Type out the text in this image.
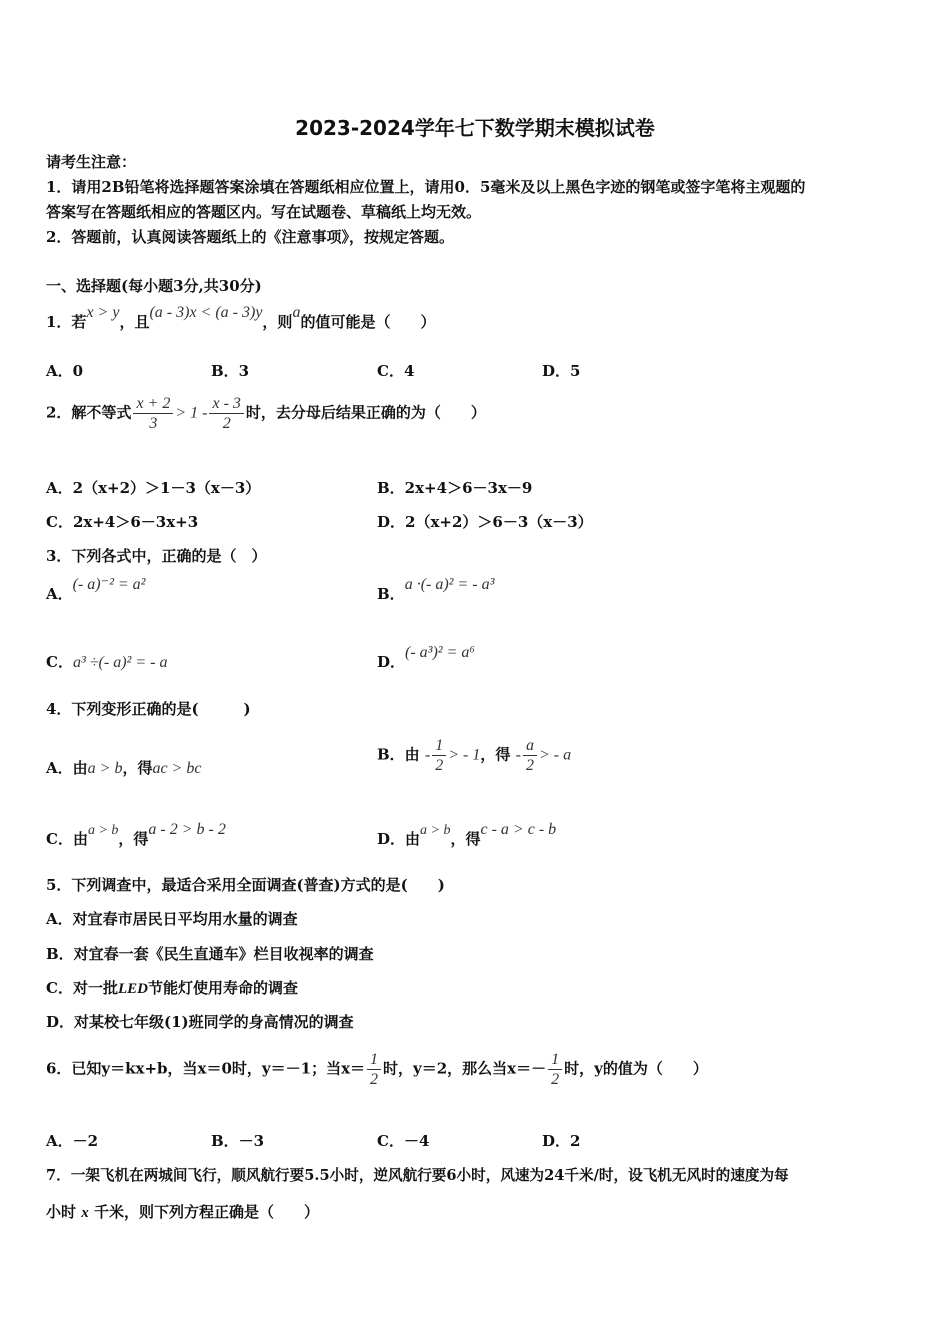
2023-2024学年七下数学期末模拟试卷
请考生注意：
1．请用2B铅笔将选择题答案涂填在答题纸相应位置上，请用0．5毫米及以上黑色字迹的钢笔或签字笔将主观题的
答案写在答题纸相应的答题区内。写在试题卷、草稿纸上均无效。
2．答题前，认真阅读答题纸上的《注意事项》，按规定答题。
一、选择题(每小题3分,共30分)
1．若x > y，且(a - 3)x < (a - 3)y，则a的值可能是（　　）
A．0	B．3	C．4	D．5
2．解不等式 $\frac{x + 2}{3} > 1 - \frac{x - 3}{2}$ 时，去分母后结果正确的为（　　）
A．2（x+2）＞1－3（x－3）	B．2x+4＞6－3x－9
C．2x+4＞6－3x+3	D．2（x+2）＞6－3（x－3）
3．下列各式中，正确的是（　）
A．(- a)⁻² = a²
B．a ·(- a)² = - a³
C．a³ ÷(- a)² = - a	D．(- a³)² = a⁶
4．下列变形正确的是(　　　)
A．由a > b，得ac > bc
B．由 - $\frac{1}{2}$ > - 1，得 - $\frac{a}{2}$ > - a
C．由a > b，得a - 2 > b - 2
D．由a > b，得c - a > c - b
5．下列调查中，最适合采用全面调查(普查)方式的是(　　)
A．对宜春市居民日平均用水量的调查
B．对宜春一套《民生直通车》栏目收视率的调查
C．对一批LED节能灯使用寿命的调查
D．对某校七年级(1)班同学的身高情况的调查
6．已知y＝kx+b，当x＝0时，y＝－1；当$x= \frac{1}{2}$ 时，y＝2，那么当$x=- \frac{1}{2}$ 时，y的值为（　　）
A．－2	B．－3	C．－4	D．2
7．一架飞机在两城间飞行，顺风航行要5.5小时，逆风航行要6小时，风速为24千米/时，设飞机无风时的速度为每
小时 x 千米，则下列方程正确是（　　）
